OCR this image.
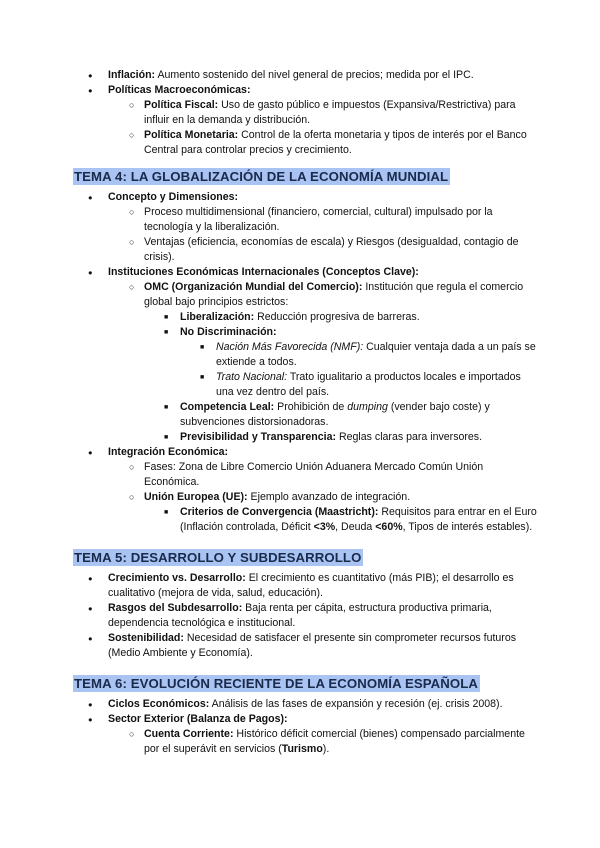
● Inflación: Aumento sostenido del nivel general de precios; medida por el IPC.
● Políticas Macroeconómicas:
○ Política Fiscal: Uso de gasto público e impuestos (Expansiva/Restrictiva) para influir en la demanda y distribución.
○ Política Monetaria: Control de la oferta monetaria y tipos de interés por el Banco Central para controlar precios y crecimiento.
TEMA 4: LA GLOBALIZACIÓN DE LA ECONOMÍA MUNDIAL
● Concepto y Dimensiones:
○ Proceso multidimensional (financiero, comercial, cultural) impulsado por la tecnología y la liberalización.
○ Ventajas (eficiencia, economías de escala) y Riesgos (desigualdad, contagio de crisis).
● Instituciones Económicas Internacionales (Conceptos Clave):
○ OMC (Organización Mundial del Comercio): Institución que regula el comercio global bajo principios estrictos:
■ Liberalización: Reducción progresiva de barreras.
■ No Discriminación:
■ Nación Más Favorecida (NMF): Cualquier ventaja dada a un país se extiende a todos.
■ Trato Nacional: Trato igualitario a productos locales e importados una vez dentro del país.
■ Competencia Leal: Prohibición de dumping (vender bajo coste) y subvenciones distorsionadoras.
■ Previsibilidad y Transparencia: Reglas claras para inversores.
● Integración Económica:
○ Fases: Zona de Libre Comercio Unión Aduanera Mercado Común Unión Económica.
○ Unión Europea (UE): Ejemplo avanzado de integración.
■ Criterios de Convergencia (Maastricht): Requisitos para entrar en el Euro (Inflación controlada, Déficit <3%, Deuda <60%, Tipos de interés estables).
TEMA 5: DESARROLLO Y SUBDESARROLLO
● Crecimiento vs. Desarrollo: El crecimiento es cuantitativo (más PIB); el desarrollo es cualitativo (mejora de vida, salud, educación).
● Rasgos del Subdesarrollo: Baja renta per cápita, estructura productiva primaria, dependencia tecnológica e institucional.
● Sostenibilidad: Necesidad de satisfacer el presente sin comprometer recursos futuros (Medio Ambiente y Economía).
TEMA 6: EVOLUCIÓN RECIENTE DE LA ECONOMÍA ESPAÑOLA
● Ciclos Económicos: Análisis de las fases de expansión y recesión (ej. crisis 2008).
● Sector Exterior (Balanza de Pagos):
○ Cuenta Corriente: Histórico déficit comercial (bienes) compensado parcialmente por el superávit en servicios (Turismo).
